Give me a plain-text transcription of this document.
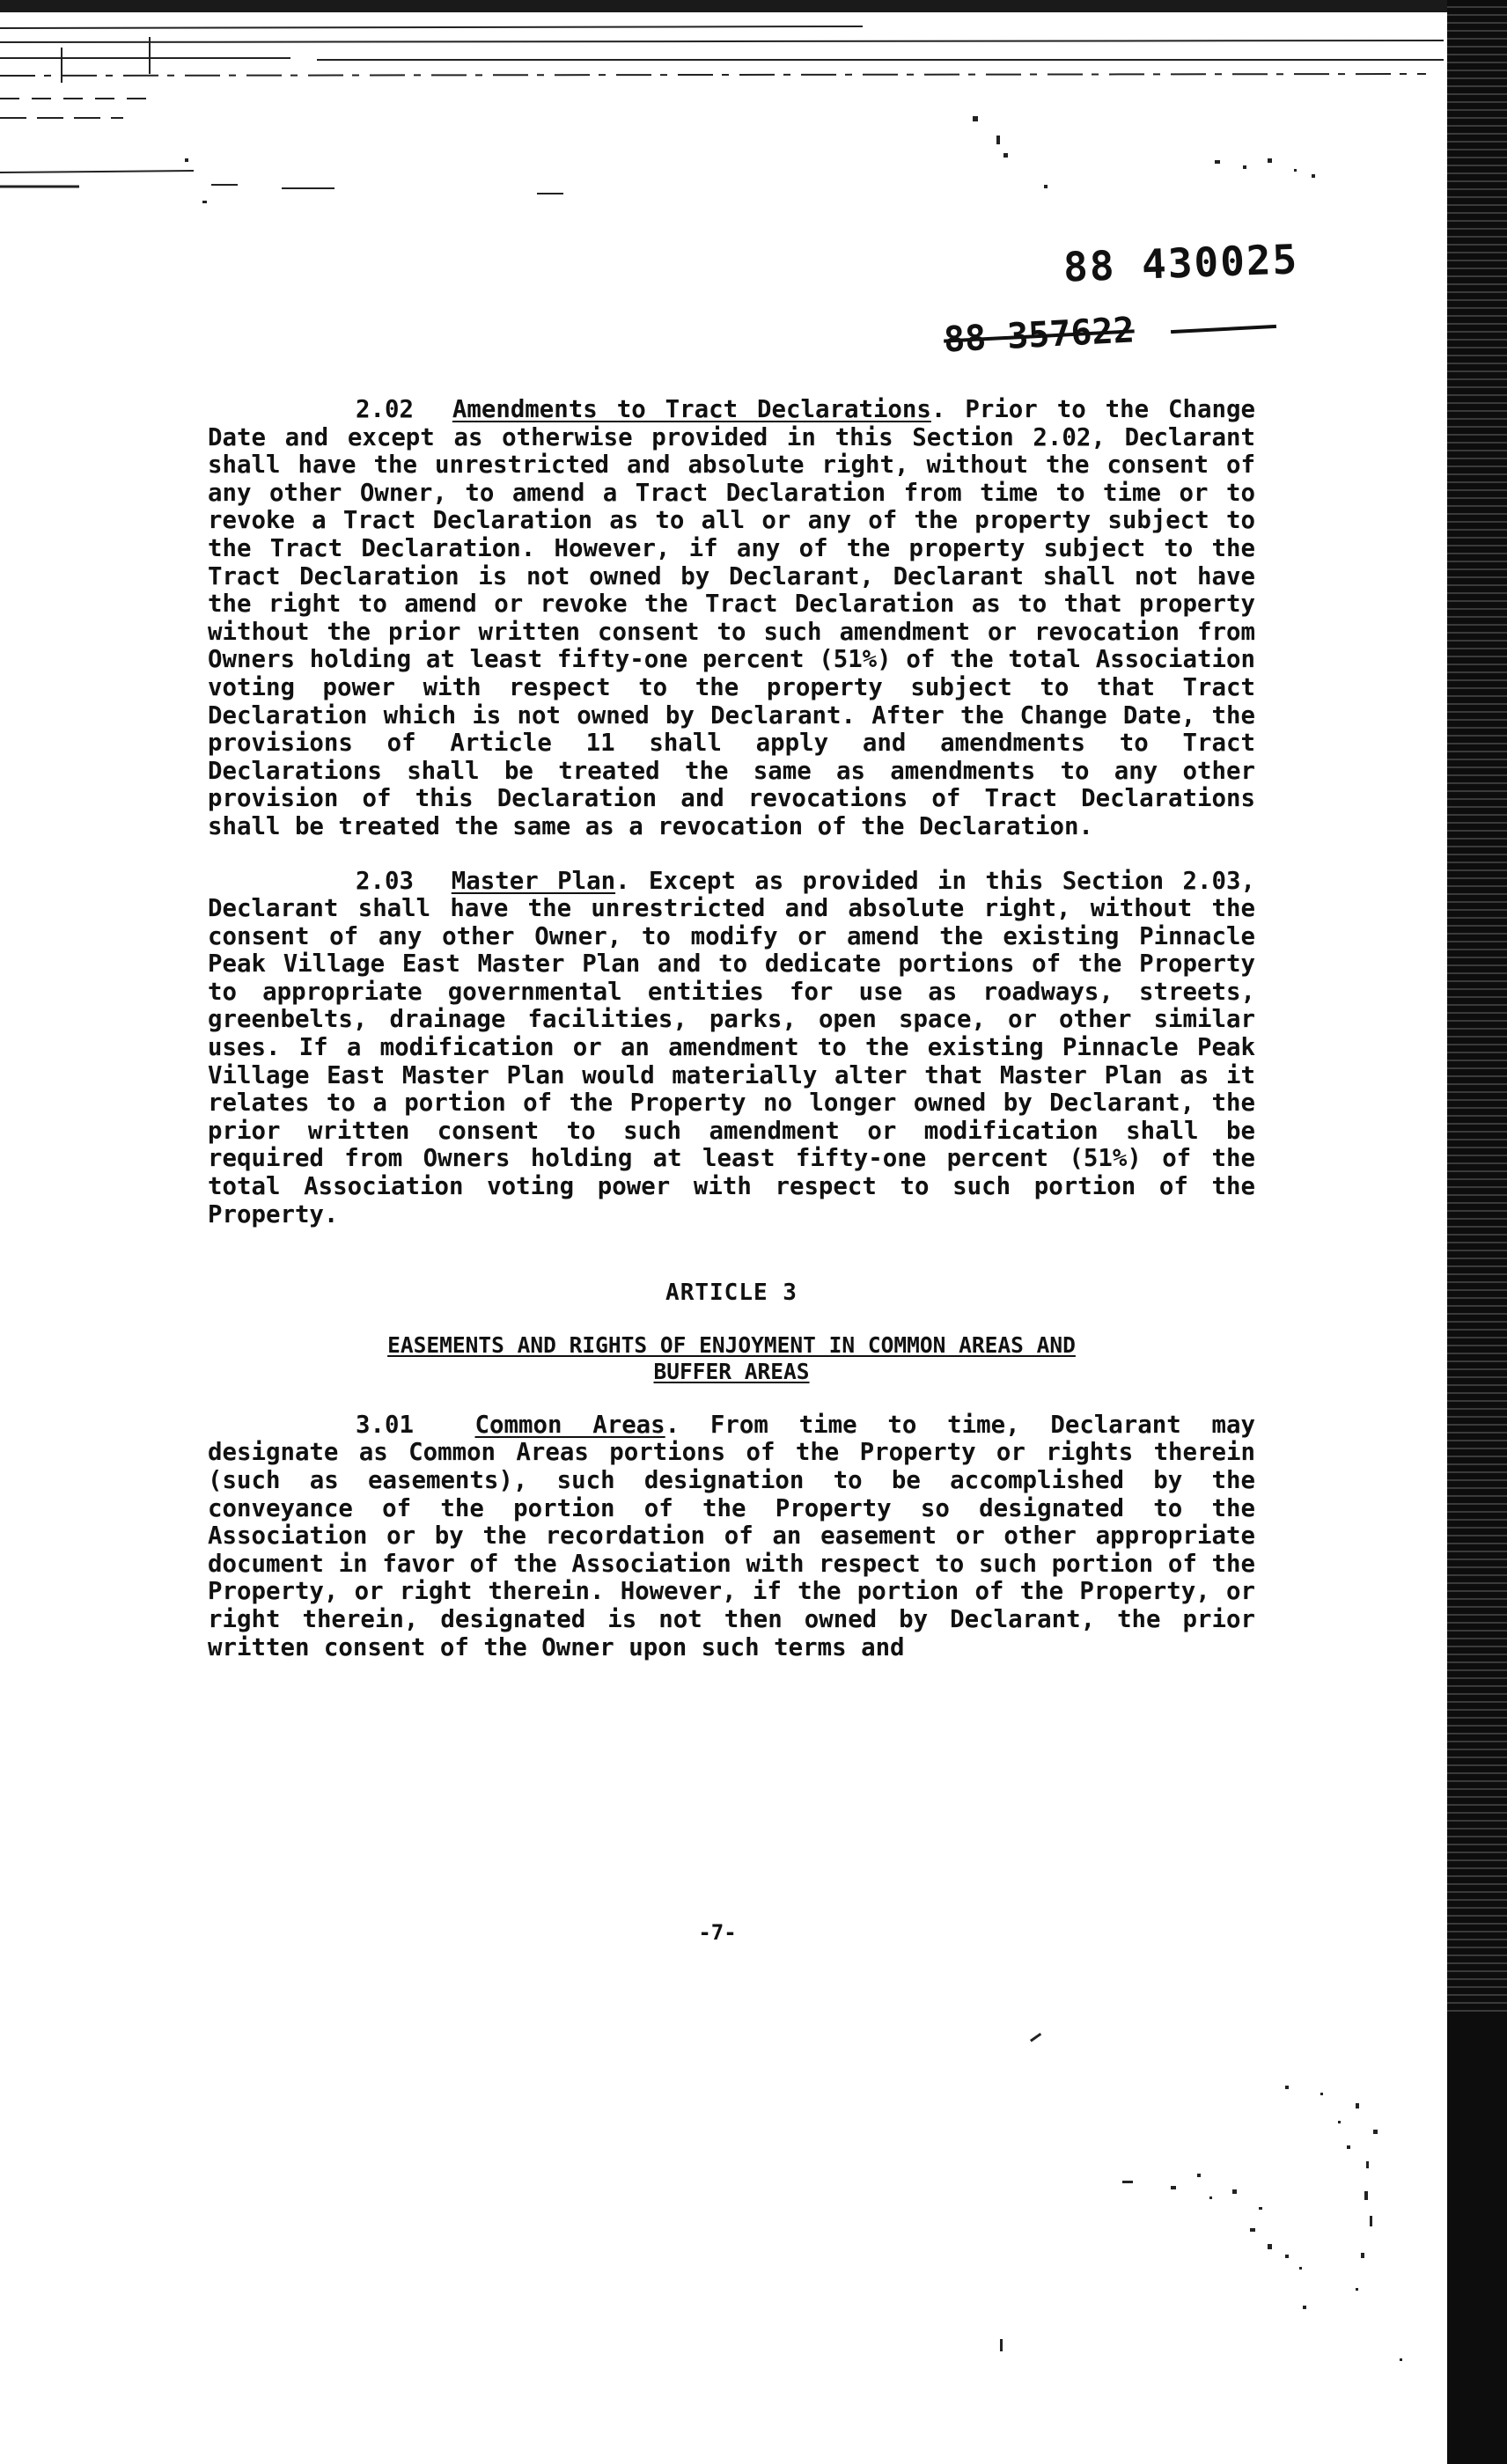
88 430025
88 357622

2.02 Amendments to Tract Declarations. Prior to the Change Date and except as otherwise provided in this Section 2.02, Declarant shall have the unrestricted and absolute right, without the consent of any other Owner, to amend a Tract Declaration from time to time or to revoke a Tract Declaration as to all or any of the property subject to the Tract Declaration. However, if any of the property subject to the Tract Declaration is not owned by Declarant, Declarant shall not have the right to amend or revoke the Tract Declaration as to that property without the prior written consent to such amendment or revocation from Owners holding at least fifty-one percent (51%) of the total Association voting power with respect to the property subject to that Tract Declaration which is not owned by Declarant. After the Change Date, the provisions of Article 11 shall apply and amendments to Tract Declarations shall be treated the same as amendments to any other provision of this Declaration and revocations of Tract Declarations shall be treated the same as a revocation of the Declaration.

2.03 Master Plan. Except as provided in this Section 2.03, Declarant shall have the unrestricted and absolute right, without the consent of any other Owner, to modify or amend the existing Pinnacle Peak Village East Master Plan and to dedicate portions of the Property to appropriate governmental entities for use as roadways, streets, greenbelts, drainage facilities, parks, open space, or other similar uses. If a modification or an amendment to the existing Pinnacle Peak Village East Master Plan would materially alter that Master Plan as it relates to a portion of the Property no longer owned by Declarant, the prior written consent to such amendment or modification shall be required from Owners holding at least fifty-one percent (51%) of the total Association voting power with respect to such portion of the Property.

ARTICLE 3
EASEMENTS AND RIGHTS OF ENJOYMENT IN COMMON AREAS AND BUFFER AREAS

3.01	Common Areas. From time to time, Declarant may designate as Common Areas portions of the Property or rights therein (such as easements), such designation to be accomplished by the conveyance of the portion of the Property so designated to the Association or by the recordation of an easement or other appropriate document in favor of the Association with respect to such portion of the Property, or right therein. However, if the portion of the Property, or right therein, designated is not then owned by Declarant, the prior written consent of the Owner upon such terms and

-7-
